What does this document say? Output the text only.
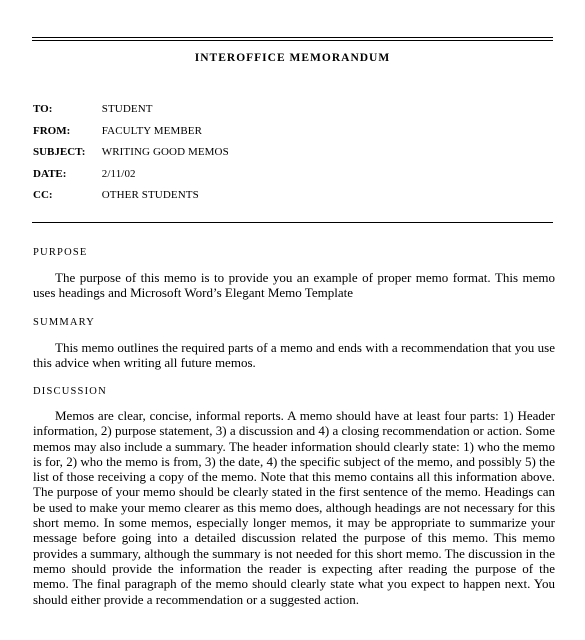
INTEROFFICE MEMORANDUM
TO:	STUDENT
FROM:	FACULTY MEMBER
SUBJECT: WRITING GOOD MEMOS
DATE:	2/11/02
CC:	OTHER STUDENTS
PURPOSE

The purpose of this memo is to provide you an example of proper memo format. This memo uses headings and Microsoft Word’s Elegant Memo Template

SUMMARY

This memo outlines the required parts of a memo and ends with a recommendation that you use this advice when writing all future memos.

DISCUSSION

Memos are clear, concise, informal reports. A memo should have at least four parts: 1) Header information, 2) purpose statement, 3) a discussion and 4) a closing recommendation or action. Some memos may also include a summary. The header information should clearly state: 1) who the memo is for, 2) who the memo is from, 3) the date, 4) the specific subject of the memo, and possibly 5) the list of those receiving a copy of the memo. Note that this memo contains all this information above. The purpose of your memo should be clearly stated in the first sentence of the memo. Headings can be used to make your memo clearer as this memo does, although headings are not necessary for this short memo. In some memos, especially longer memos, it may be appropriate to summarize your message before going into a detailed discussion related the purpose of this memo. This memo provides a summary, although the summary is not needed for this short memo. The discussion in the memo should provide the information the reader is expecting after reading the purpose of the memo. The final paragraph of the memo should clearly state what you expect to happen next. You should either provide a recommendation or a suggested action.
